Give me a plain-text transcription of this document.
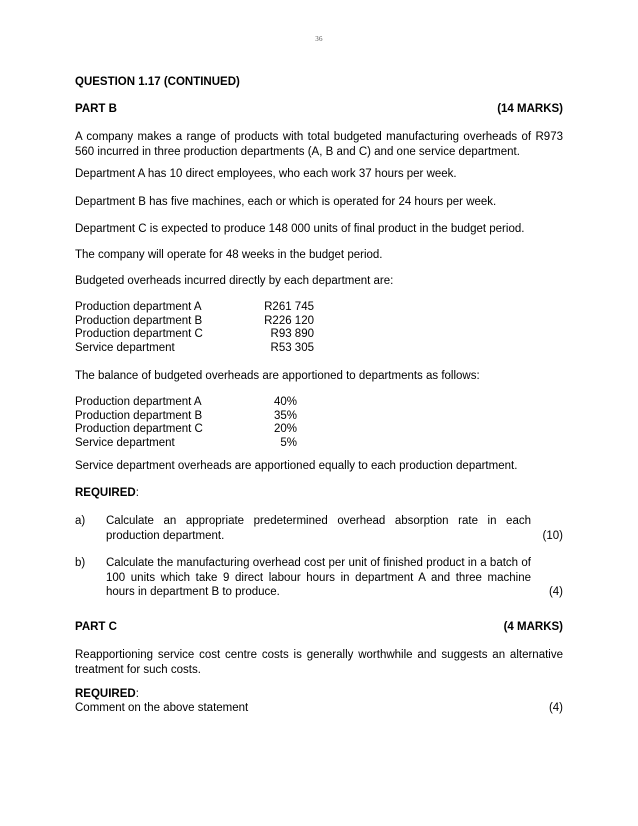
36
QUESTION 1.17 (CONTINUED)
PART B	(14 MARKS)
A company makes a range of products with total budgeted manufacturing overheads of R973 560 incurred in three production departments (A, B and C) and one service department.
Department A has 10 direct employees, who each work 37 hours per week.
Department B has five machines, each or which is operated for 24 hours per week.
Department C is expected to produce 148 000 units of final product in the budget period.
The company will operate for 48 weeks in the budget period.
Budgeted overheads incurred directly by each department are:
Production department A	R261 745
Production department B	R226 120
Production department C	R93 890
Service department	R53 305
The balance of budgeted overheads are apportioned to departments as follows:
Production department A	40%
Production department B	35%
Production department C	20%
Service department	5%
Service department overheads are apportioned equally to each production department.
REQUIRED:
a) Calculate an appropriate predetermined overhead absorption rate in each production department.	(10)
b) Calculate the manufacturing overhead cost per unit of finished product in a batch of 100 units which take 9 direct labour hours in department A and three machine hours in department B to produce.	(4)
PART C	(4 MARKS)
Reapportioning service cost centre costs is generally worthwhile and suggests an alternative treatment for such costs.
REQUIRED:
Comment on the above statement	(4)
